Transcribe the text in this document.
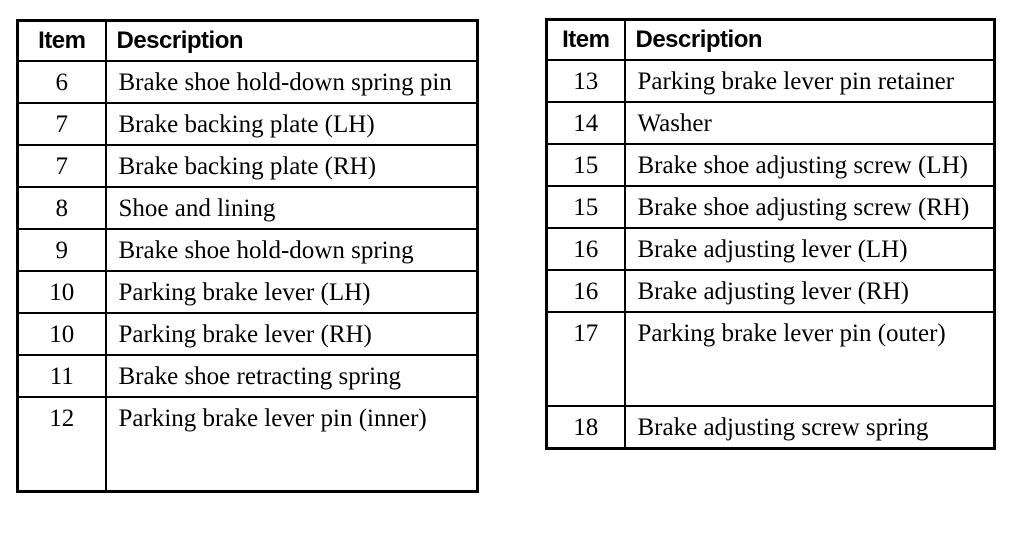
Item	Description
6	Brake shoe hold-down spring pin
7	Brake backing plate (LH)
7	Brake backing plate (RH)
8	Shoe and lining
9	Brake shoe hold-down spring
10	Parking brake lever (LH)
10	Parking brake lever (RH)
11	Brake shoe retracting spring
12	Parking brake lever pin (inner)
Item	Description
13	Parking brake lever pin retainer
14	Washer
15	Brake shoe adjusting screw (LH)
15	Brake shoe adjusting screw (RH)
16	Brake adjusting lever (LH)
16	Brake adjusting lever (RH)
17	Parking brake lever pin (outer)
18	Brake adjusting screw spring
